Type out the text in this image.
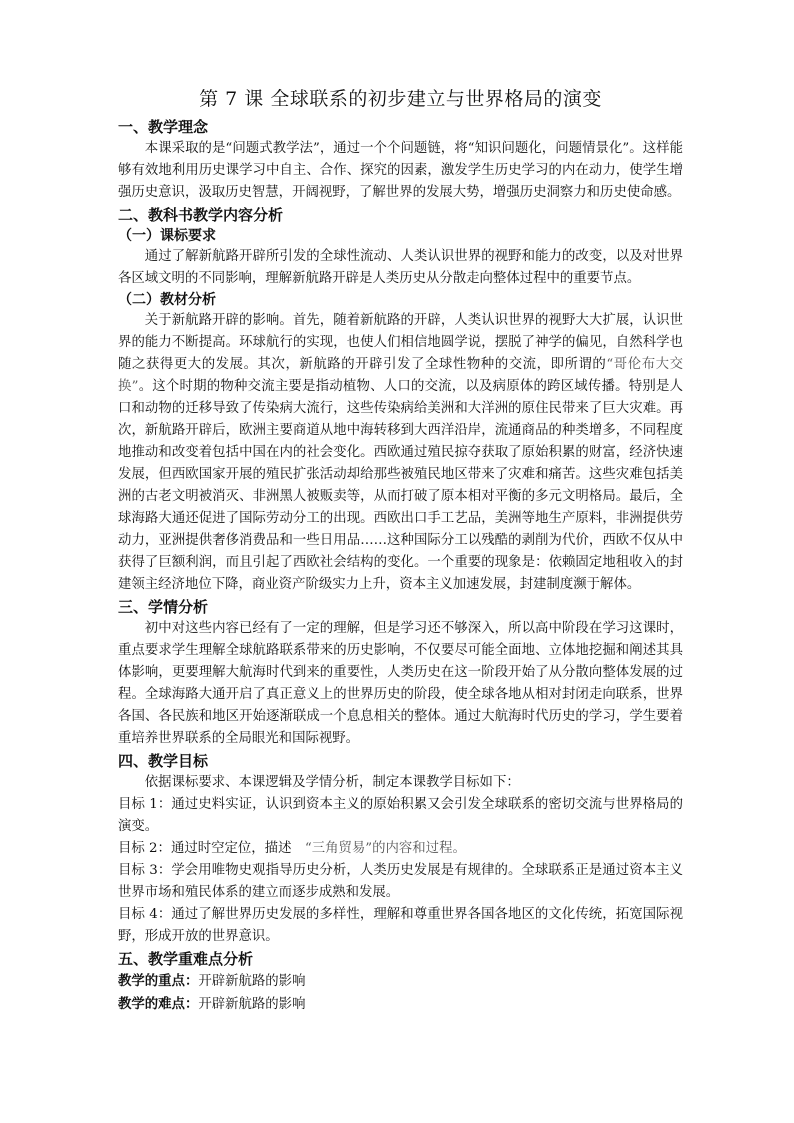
第 7 课 全球联系的初步建立与世界格局的演变
一、教学理念

本课采取的是“问题式教学法”，通过一个个问题链，将“知识问题化，问题情景化”。这样能够有效地利用历史课学习中自主、合作、探究的因素，激发学生历史学习的内在动力，使学生增强历史意识，汲取历史智慧，开阔视野，了解世界的发展大势，增强历史洞察力和历史使命感。

二、教科书教学内容分析
（一）课标要求

通过了解新航路开辟所引发的全球性流动、人类认识世界的视野和能力的改变，以及对世界各区域文明的不同影响，理解新航路开辟是人类历史从分散走向整体过程中的重要节点。

（二）教材分析

关于新航路开辟的影响。首先，随着新航路的开辟，人类认识世界的视野大大扩展，认识世界的能力不断提高。环球航行的实现，也使人们相信地圆学说，摆脱了神学的偏见，自然科学也随之获得更大的发展。其次，新航路的开辟引发了全球性物种的交流，即所谓的“哥伦布大交换”。这个时期的物种交流主要是指动植物、人口的交流，以及病原体的跨区域传播。特别是人口和动物的迁移导致了传染病大流行，这些传染病给美洲和大洋洲的原住民带来了巨大灾难。再次，新航路开辟后，欧洲主要商道从地中海转移到大西洋沿岸，流通商品的种类增多，不同程度地推动和改变着包括中国在内的社会变化。西欧通过殖民掠夺获取了原始积累的财富，经济快速发展，但西欧国家开展的殖民扩张活动却给那些被殖民地区带来了灾难和痛苦。这些灾难包括美洲的古老文明被消灭、非洲黑人被贩卖等，从而打破了原本相对平衡的多元文明格局。最后，全球海路大通还促进了国际劳动分工的出现。西欧出口手工艺品，美洲等地生产原料，非洲提供劳动力，亚洲提供奢侈消费品和一些日用品……这种国际分工以残酷的剥削为代价，西欧不仅从中获得了巨额利润，而且引起了西欧社会结构的变化。一个重要的现象是：依赖固定地租收入的封建领主经济地位下降，商业资产阶级实力上升，资本主义加速发展，封建制度濒于解体。

三、学情分析

初中对这些内容已经有了一定的理解，但是学习还不够深入，所以高中阶段在学习这课时，重点要求学生理解全球航路联系带来的历史影响，不仅要尽可能全面地、立体地挖掘和阐述其具体影响，更要理解大航海时代到来的重要性，人类历史在这一阶段开始了从分散向整体发展的过程。全球海路大通开启了真正意义上的世界历史的阶段，使全球各地从相对封闭走向联系，世界各国、各民族和地区开始逐渐联成一个息息相关的整体。通过大航海时代历史的学习，学生要着重培养世界联系的全局眼光和国际视野。

四、教学目标

依据课标要求、本课逻辑及学情分析，制定本课教学目标如下：

目标 1：通过史料实证，认识到资本主义的原始积累又会引发全球联系的密切交流与世界格局的演变。

目标 2：通过时空定位，描述　“三角贸易”的内容和过程。

目标 3：学会用唯物史观指导历史分析，人类历史发展是有规律的。全球联系正是通过资本主义世界市场和殖民体系的建立而逐步成熟和发展。

目标 4：通过了解世界历史发展的多样性，理解和尊重世界各国各地区的文化传统，拓宽国际视野，形成开放的世界意识。

五、教学重难点分析

教学的重点：开辟新航路的影响

教学的难点：开辟新航路的影响
